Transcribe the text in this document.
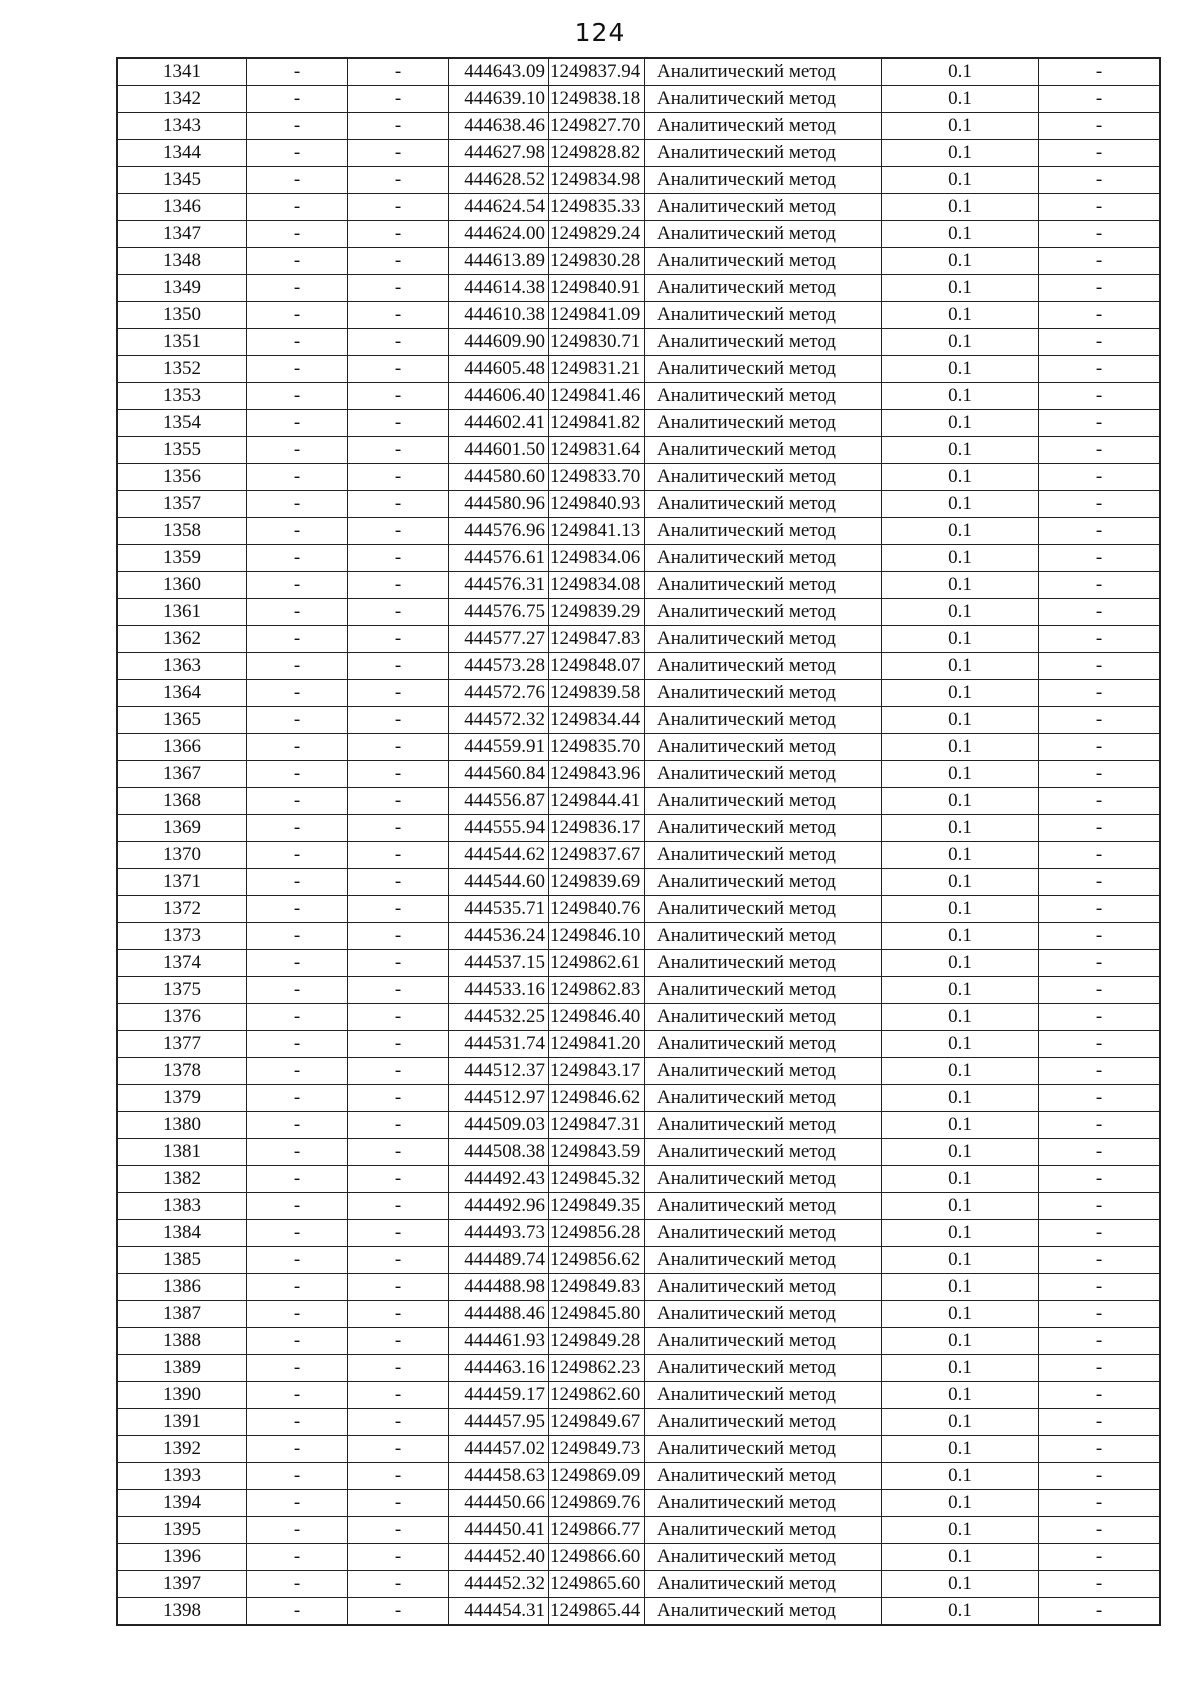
124
1341	-	-	444643.09	1249837.94	Аналитический метод	0.1	-
1342	-	-	444639.10	1249838.18	Аналитический метод	0.1	-
1343	-	-	444638.46	1249827.70	Аналитический метод	0.1	-
1344	-	-	444627.98	1249828.82	Аналитический метод	0.1	-
1345	-	-	444628.52	1249834.98	Аналитический метод	0.1	-
1346	-	-	444624.54	1249835.33	Аналитический метод	0.1	-
1347	-	-	444624.00	1249829.24	Аналитический метод	0.1	-
1348	-	-	444613.89	1249830.28	Аналитический метод	0.1	-
1349	-	-	444614.38	1249840.91	Аналитический метод	0.1	-
1350	-	-	444610.38	1249841.09	Аналитический метод	0.1	-
1351	-	-	444609.90	1249830.71	Аналитический метод	0.1	-
1352	-	-	444605.48	1249831.21	Аналитический метод	0.1	-
1353	-	-	444606.40	1249841.46	Аналитический метод	0.1	-
1354	-	-	444602.41	1249841.82	Аналитический метод	0.1	-
1355	-	-	444601.50	1249831.64	Аналитический метод	0.1	-
1356	-	-	444580.60	1249833.70	Аналитический метод	0.1	-
1357	-	-	444580.96	1249840.93	Аналитический метод	0.1	-
1358	-	-	444576.96	1249841.13	Аналитический метод	0.1	-
1359	-	-	444576.61	1249834.06	Аналитический метод	0.1	-
1360	-	-	444576.31	1249834.08	Аналитический метод	0.1	-
1361	-	-	444576.75	1249839.29	Аналитический метод	0.1	-
1362	-	-	444577.27	1249847.83	Аналитический метод	0.1	-
1363	-	-	444573.28	1249848.07	Аналитический метод	0.1	-
1364	-	-	444572.76	1249839.58	Аналитический метод	0.1	-
1365	-	-	444572.32	1249834.44	Аналитический метод	0.1	-
1366	-	-	444559.91	1249835.70	Аналитический метод	0.1	-
1367	-	-	444560.84	1249843.96	Аналитический метод	0.1	-
1368	-	-	444556.87	1249844.41	Аналитический метод	0.1	-
1369	-	-	444555.94	1249836.17	Аналитический метод	0.1	-
1370	-	-	444544.62	1249837.67	Аналитический метод	0.1	-
1371	-	-	444544.60	1249839.69	Аналитический метод	0.1	-
1372	-	-	444535.71	1249840.76	Аналитический метод	0.1	-
1373	-	-	444536.24	1249846.10	Аналитический метод	0.1	-
1374	-	-	444537.15	1249862.61	Аналитический метод	0.1	-
1375	-	-	444533.16	1249862.83	Аналитический метод	0.1	-
1376	-	-	444532.25	1249846.40	Аналитический метод	0.1	-
1377	-	-	444531.74	1249841.20	Аналитический метод	0.1	-
1378	-	-	444512.37	1249843.17	Аналитический метод	0.1	-
1379	-	-	444512.97	1249846.62	Аналитический метод	0.1	-
1380	-	-	444509.03	1249847.31	Аналитический метод	0.1	-
1381	-	-	444508.38	1249843.59	Аналитический метод	0.1	-
1382	-	-	444492.43	1249845.32	Аналитический метод	0.1	-
1383	-	-	444492.96	1249849.35	Аналитический метод	0.1	-
1384	-	-	444493.73	1249856.28	Аналитический метод	0.1	-
1385	-	-	444489.74	1249856.62	Аналитический метод	0.1	-
1386	-	-	444488.98	1249849.83	Аналитический метод	0.1	-
1387	-	-	444488.46	1249845.80	Аналитический метод	0.1	-
1388	-	-	444461.93	1249849.28	Аналитический метод	0.1	-
1389	-	-	444463.16	1249862.23	Аналитический метод	0.1	-
1390	-	-	444459.17	1249862.60	Аналитический метод	0.1	-
1391	-	-	444457.95	1249849.67	Аналитический метод	0.1	-
1392	-	-	444457.02	1249849.73	Аналитический метод	0.1	-
1393	-	-	444458.63	1249869.09	Аналитический метод	0.1	-
1394	-	-	444450.66	1249869.76	Аналитический метод	0.1	-
1395	-	-	444450.41	1249866.77	Аналитический метод	0.1	-
1396	-	-	444452.40	1249866.60	Аналитический метод	0.1	-
1397	-	-	444452.32	1249865.60	Аналитический метод	0.1	-
1398	-	-	444454.31	1249865.44	Аналитический метод	0.1	-
